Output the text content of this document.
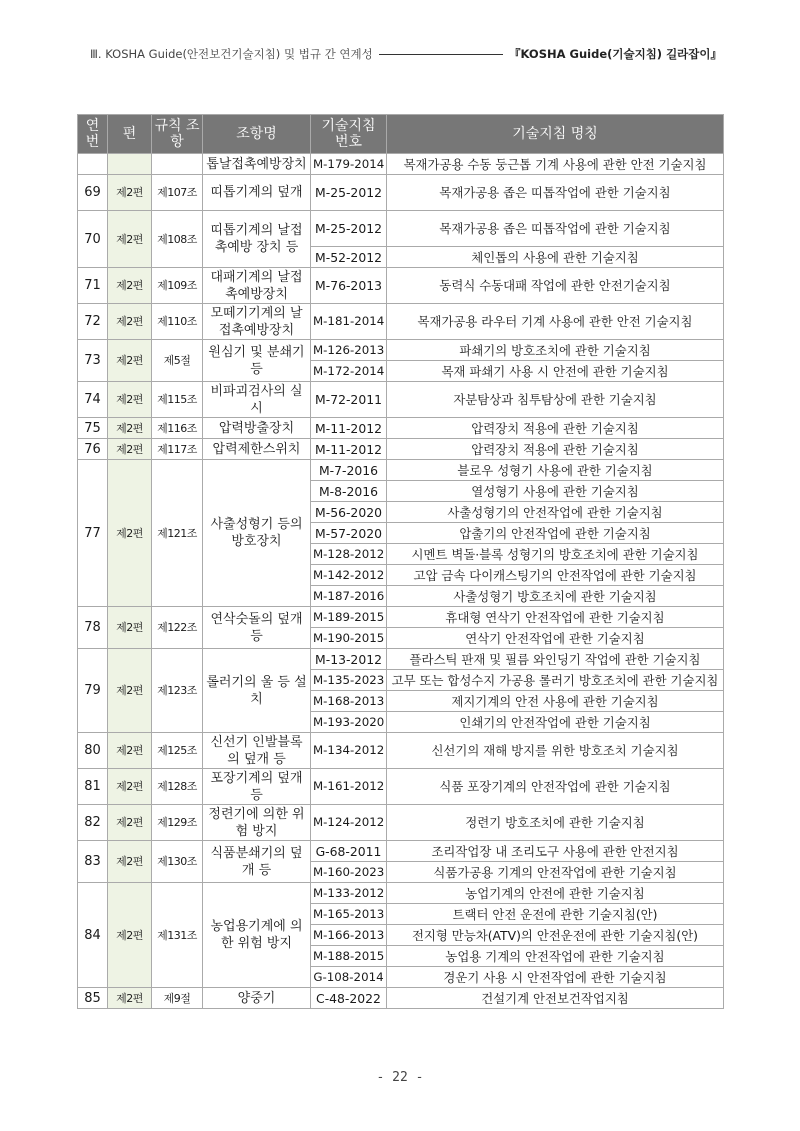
Ⅲ. KOSHA Guide(안전보건기술지침) 및 법규 간 연계성	『KOSHA Guide(기술지침) 길라잡이』
연번	편	규칙 조항	조항명	기술지침 번호	기술지침 명칭
			톱날접촉예방장치	M-179-2014	목재가공용 수동 둥근톱 기계 사용에 관한 안전 기술지침
69	제2편	제107조	띠톱기계의 덮개	M-25-2012	목재가공용 좁은 띠톱작업에 관한 기술지침
70	제2편	제108조	띠톱기계의 날접촉예방 장치 등	M-25-2012	목재가공용 좁은 띠톱작업에 관한 기술지침
				M-52-2012	체인톱의 사용에 관한 기술지침
71	제2편	제109조	대패기계의 날접촉예방장치	M-76-2013	동력식 수동대패 작업에 관한 안전기술지침
72	제2편	제110조	모떼기기계의 날접촉예방장치	M-181-2014	목재가공용 라우터 기계 사용에 관한 안전 기술지침
73	제2편	제5절	원심기 및 분쇄기 등	M-126-2013	파쇄기의 방호조치에 관한 기술지침
				M-172-2014	목재 파쇄기 사용 시 안전에 관한 기술지침
74	제2편	제115조	비파괴검사의 실시	M-72-2011	자분탐상과 침투탐상에 관한 기술지침
75	제2편	제116조	압력방출장치	M-11-2012	압력장치 적용에 관한 기술지침
76	제2편	제117조	압력제한스위치	M-11-2012	압력장치 적용에 관한 기술지침
77	제2편	제121조	사출성형기 등의 방호장치	M-7-2016	블로우 성형기 사용에 관한 기술지침
				M-8-2016	열성형기 사용에 관한 기술지침
				M-56-2020	사출성형기의 안전작업에 관한 기술지침
				M-57-2020	압출기의 안전작업에 관한 기술지침
				M-128-2012	시멘트 벽돌·블록 성형기의 방호조치에 관한 기술지침
				M-142-2012	고압 금속 다이캐스팅기의 안전작업에 관한 기술지침
				M-187-2016	사출성형기 방호조치에 관한 기술지침
78	제2편	제122조	연삭숫돌의 덮개 등	M-189-2015	휴대형 연삭기 안전작업에 관한 기술지침
				M-190-2015	연삭기 안전작업에 관한 기술지침
79	제2편	제123조	롤러기의 울 등 설치	M-13-2012	플라스틱 판재 및 필름 와인딩기 작업에 관한 기술지침
				M-135-2023	고무 또는 합성수지 가공용 롤러기 방호조치에 관한 기술지침
				M-168-2013	제지기계의 안전 사용에 관한 기술지침
				M-193-2020	인쇄기의 안전작업에 관한 기술지침
80	제2편	제125조	신선기 인발블록의 덮개 등	M-134-2012	신선기의 재해 방지를 위한 방호조치 기술지침
81	제2편	제128조	포장기계의 덮개 등	M-161-2012	식품 포장기계의 안전작업에 관한 기술지침
82	제2편	제129조	정련기에 의한 위험 방지	M-124-2012	정련기 방호조치에 관한 기술지침
83	제2편	제130조	식품분쇄기의 덮개 등	G-68-2011	조리작업장 내 조리도구 사용에 관한 안전지침
				M-160-2023	식품가공용 기계의 안전작업에 관한 기술지침
84	제2편	제131조	농업용기계에 의한 위험 방지	M-133-2012	농업기계의 안전에 관한 기술지침
				M-165-2013	트랙터 안전 운전에 관한 기술지침(안)
				M-166-2013	전지형 만능차(ATV)의 안전운전에 관한 기술지침(안)
				M-188-2015	농업용 기계의 안전작업에 관한 기술지침
				G-108-2014	경운기 사용 시 안전작업에 관한 기술지침
85	제2편	제9절	양중기	C-48-2022	건설기계 안전보건작업지침
- 22 -
